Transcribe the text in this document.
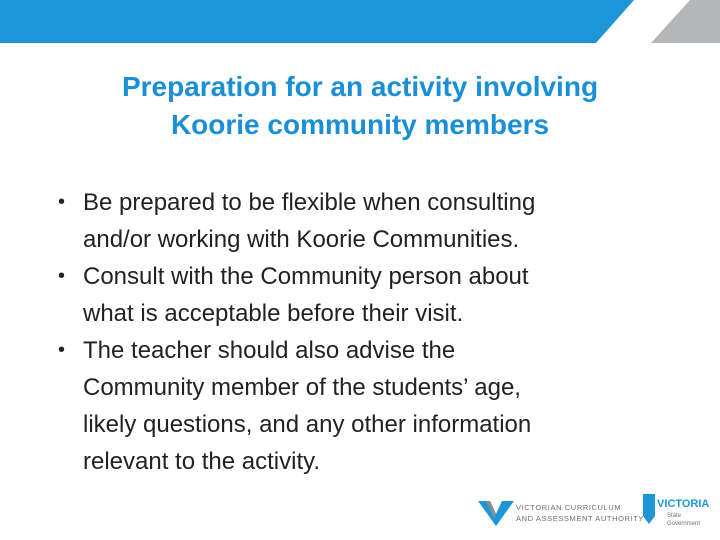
Preparation for an activity involving
Koorie community members
• Be prepared to be flexible when consulting
and/or working with Koorie Communities.
• Consult with the Community person about
what is acceptable before their visit.
• The teacher should also advise the
Community member of the students’ age,
likely questions, and any other information
relevant to the activity.
VICTORIAN CURRICULUM
AND ASSESSMENT AUTHORITY
VICTORIA
State
Government
